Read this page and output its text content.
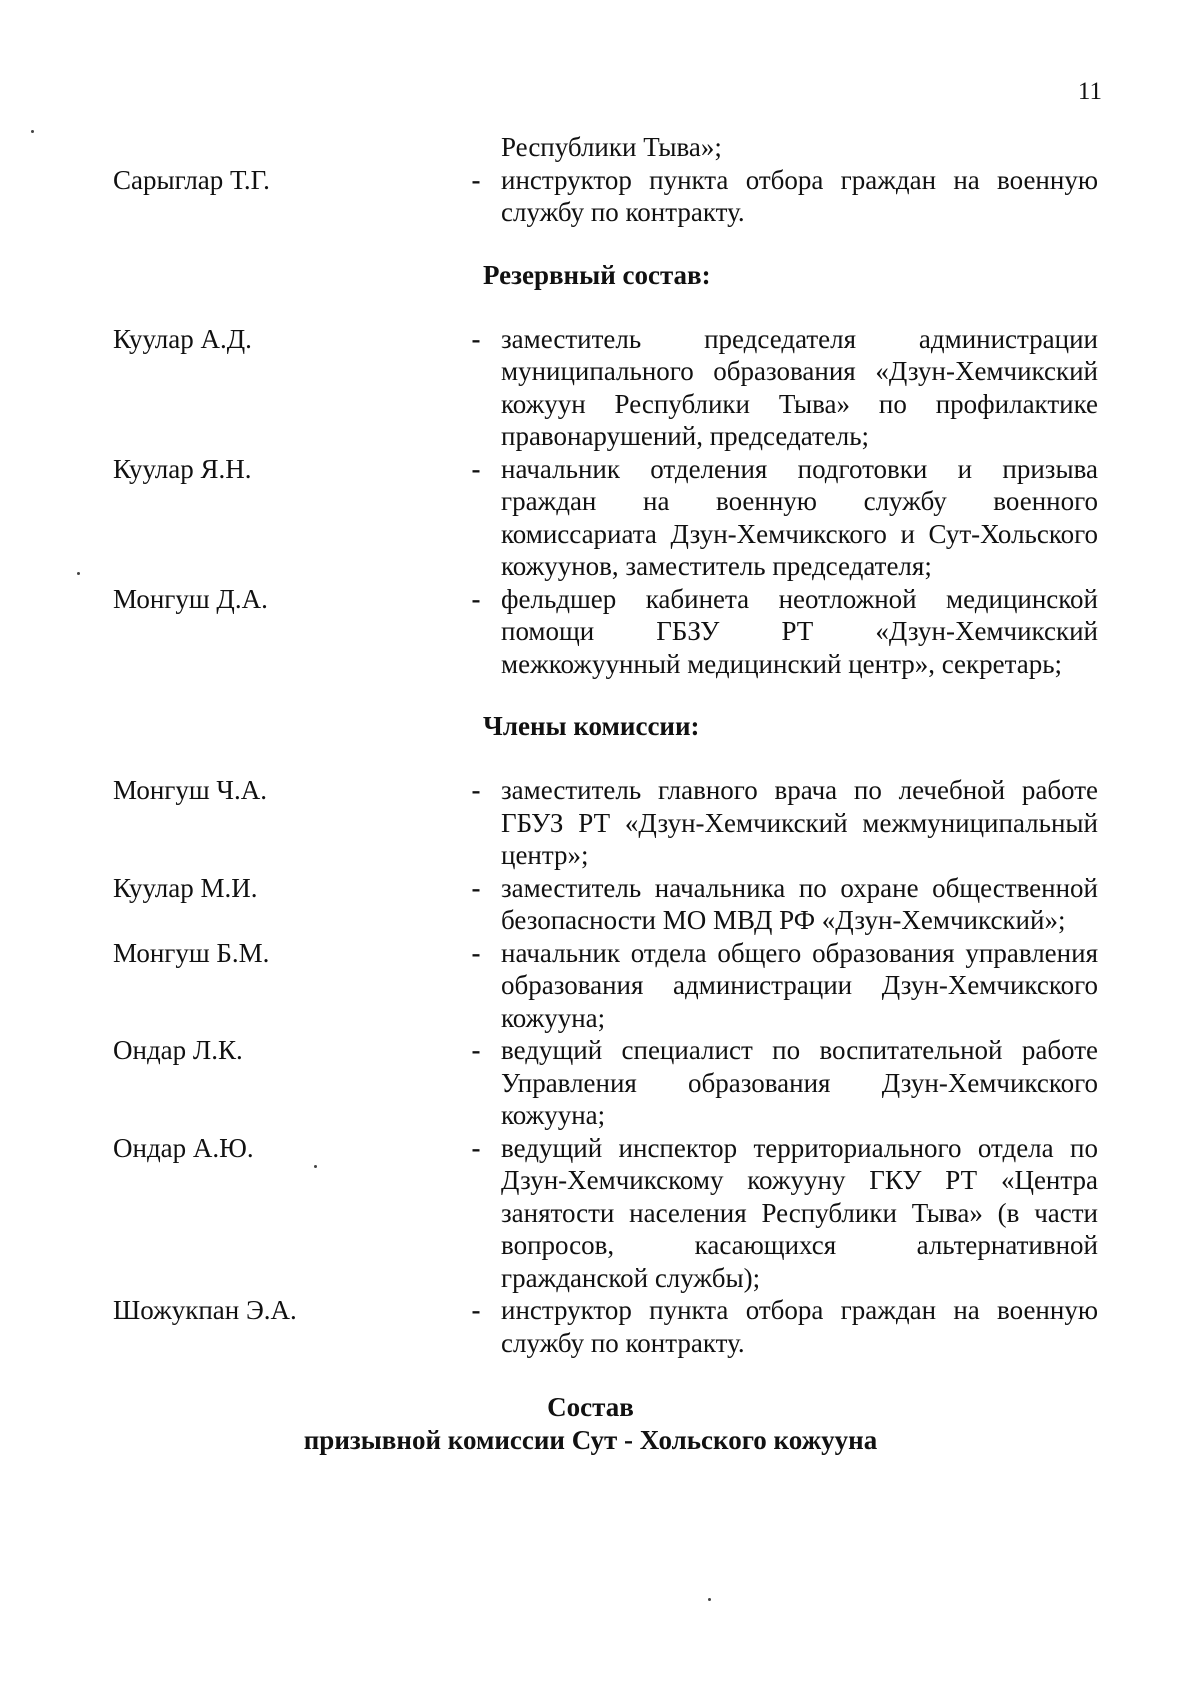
11
Республики Тыва»;
Сарыглар Т.Г.	- инструктор пункта отбора граждан на военную службу по контракту.
Резервный состав:
Куулар А.Д.	- заместитель председателя администрации муниципального образования «Дзун-Хемчикский кожуун Республики Тыва» по профилактике правонарушений, председатель;
Куулар Я.Н.	- начальник отделения подготовки и призыва граждан на военную службу военного комиссариата Дзун-Хемчикского и Сут-Хольского кожуунов, заместитель председателя;
Монгуш Д.А.	- фельдшер кабинета неотложной медицинской помощи ГБЗУ РТ «Дзун-Хемчикский межкожуунный медицинский центр», секретарь;
Члены комиссии:
Монгуш Ч.А.	- заместитель главного врача по лечебной работе ГБУЗ РТ «Дзун-Хемчикский межмуниципальный центр»;
Куулар М.И.	- заместитель начальника по охране общественной безопасности МО МВД РФ «Дзун-Хемчикский»;
Монгуш Б.М.	- начальник отдела общего образования управления образования администрации Дзун-Хемчикского кожууна;
Ондар Л.К.	- ведущий специалист по воспитательной работе Управления образования Дзун-Хемчикского кожууна;
Ондар А.Ю.	- ведущий инспектор территориального отдела по Дзун-Хемчикскому кожууну ГКУ РТ «Центра занятости населения Республики Тыва» (в части вопросов, касающихся альтернативной гражданской службы);
Шожукпан Э.А.	- инструктор пункта отбора граждан на военную службу по контракту.
Состав
призывной комиссии Сут - Хольского кожууна
